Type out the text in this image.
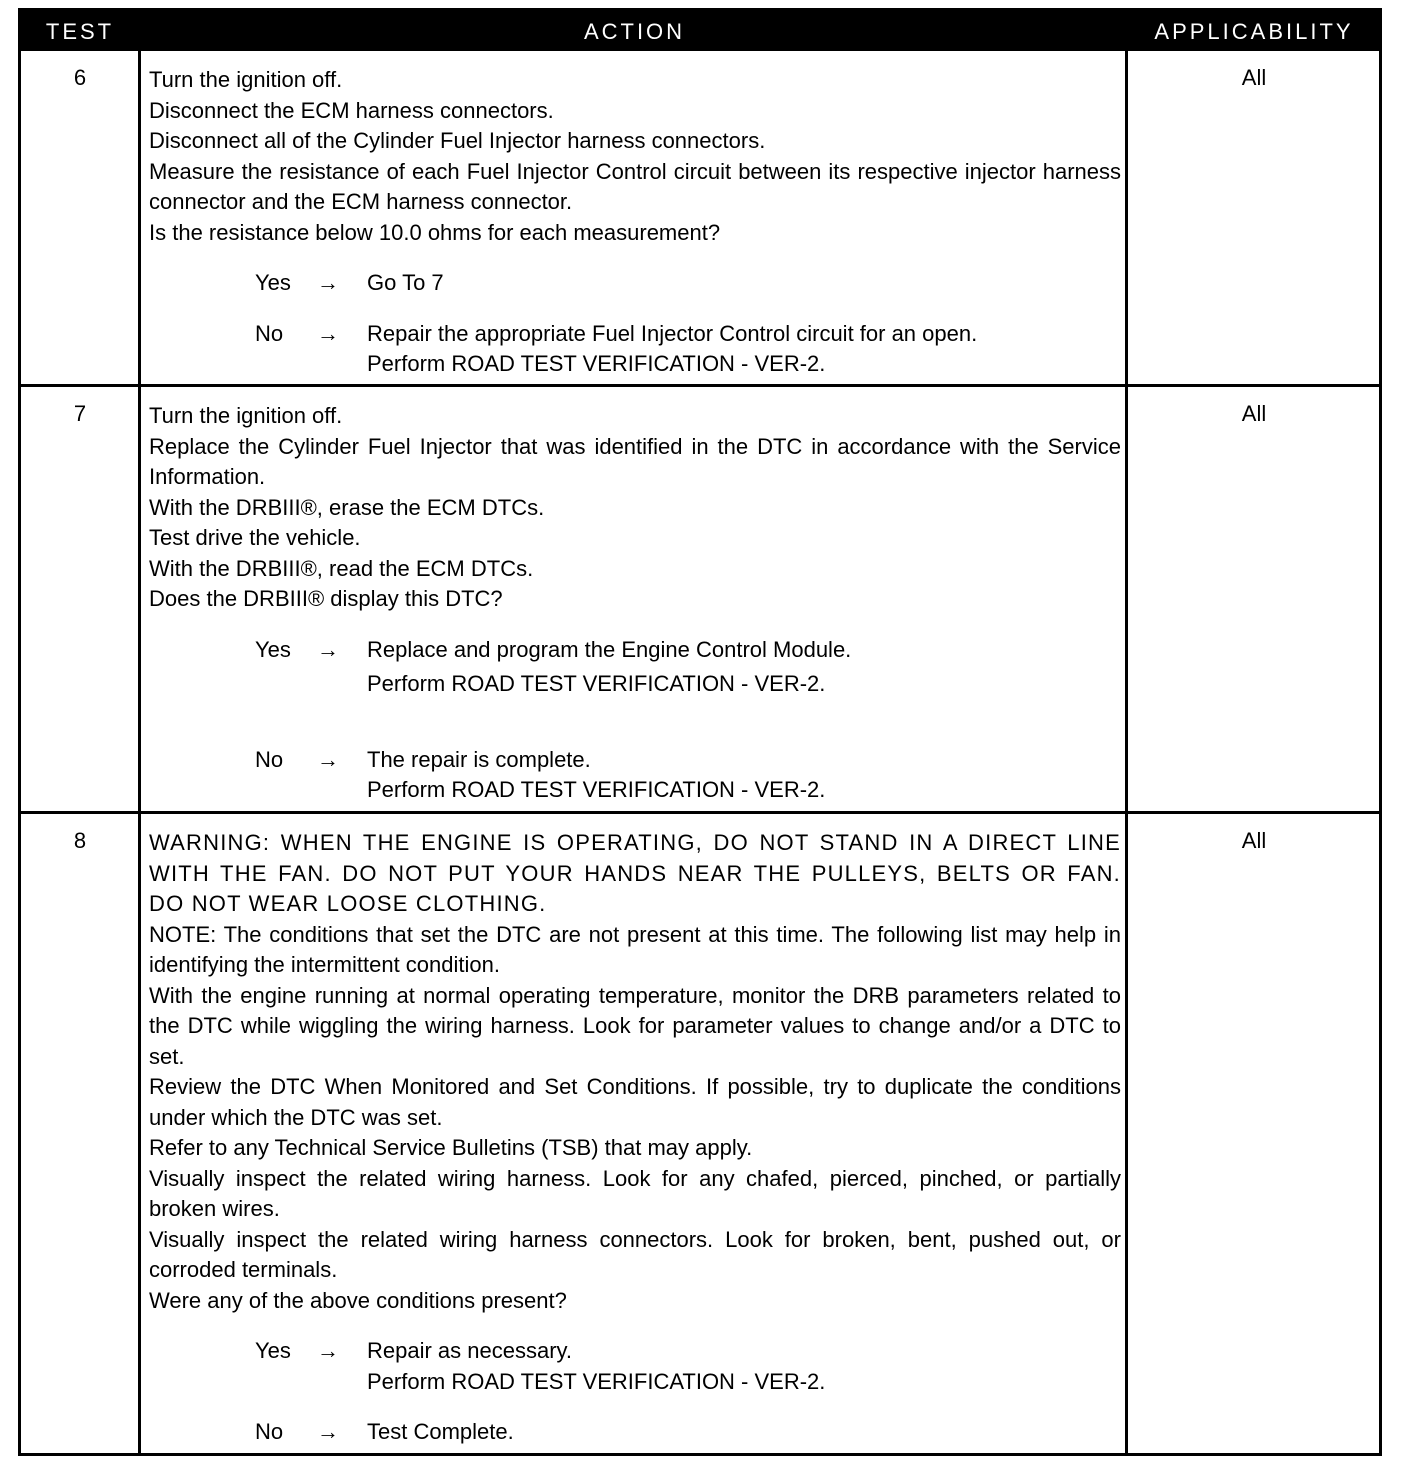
TEST	ACTION	APPLICABILITY
6	Turn the ignition off.

Disconnect the ECM harness connectors.

Disconnect all of the Cylinder Fuel Injector harness connectors.

Measure the resistance of each Fuel Injector Control circuit between its respective injector harness connector and the ECM harness connector.

Is the resistance below 10.0 ohms for each measurement?

Yes → Go To 7
No → Repair the appropriate Fuel Injector Control circuit for an open.
Perform ROAD TEST VERIFICATION - VER-2.
All
7	Turn the ignition off.

Replace the Cylinder Fuel Injector that was identified in the DTC in accordance with the Service Information.

With the DRBIII®, erase the ECM DTCs.

Test drive the vehicle.

With the DRBIII®, read the ECM DTCs.

Does the DRBIII® display this DTC?

Yes → Replace and program the Engine Control Module.
Perform ROAD TEST VERIFICATION - VER-2.
No → The repair is complete.
Perform ROAD TEST VERIFICATION - VER-2.
All
8	WARNING: WHEN THE ENGINE IS OPERATING, DO NOT STAND IN A DIRECT LINE WITH THE FAN. DO NOT PUT YOUR HANDS NEAR THE PULLEYS, BELTS OR FAN. DO NOT WEAR LOOSE CLOTHING.

NOTE: The conditions that set the DTC are not present at this time. The following list may help in identifying the intermittent condition.

With the engine running at normal operating temperature, monitor the DRB parameters related to the DTC while wiggling the wiring harness. Look for parameter values to change and/or a DTC to set.

Review the DTC When Monitored and Set Conditions. If possible, try to duplicate the conditions under which the DTC was set.

Refer to any Technical Service Bulletins (TSB) that may apply.

Visually inspect the related wiring harness. Look for any chafed, pierced, pinched, or partially broken wires.

Visually inspect the related wiring harness connectors. Look for broken, bent, pushed out, or corroded terminals.

Were any of the above conditions present?

Yes → Repair as necessary.
Perform ROAD TEST VERIFICATION - VER-2.
No → Test Complete.
All
